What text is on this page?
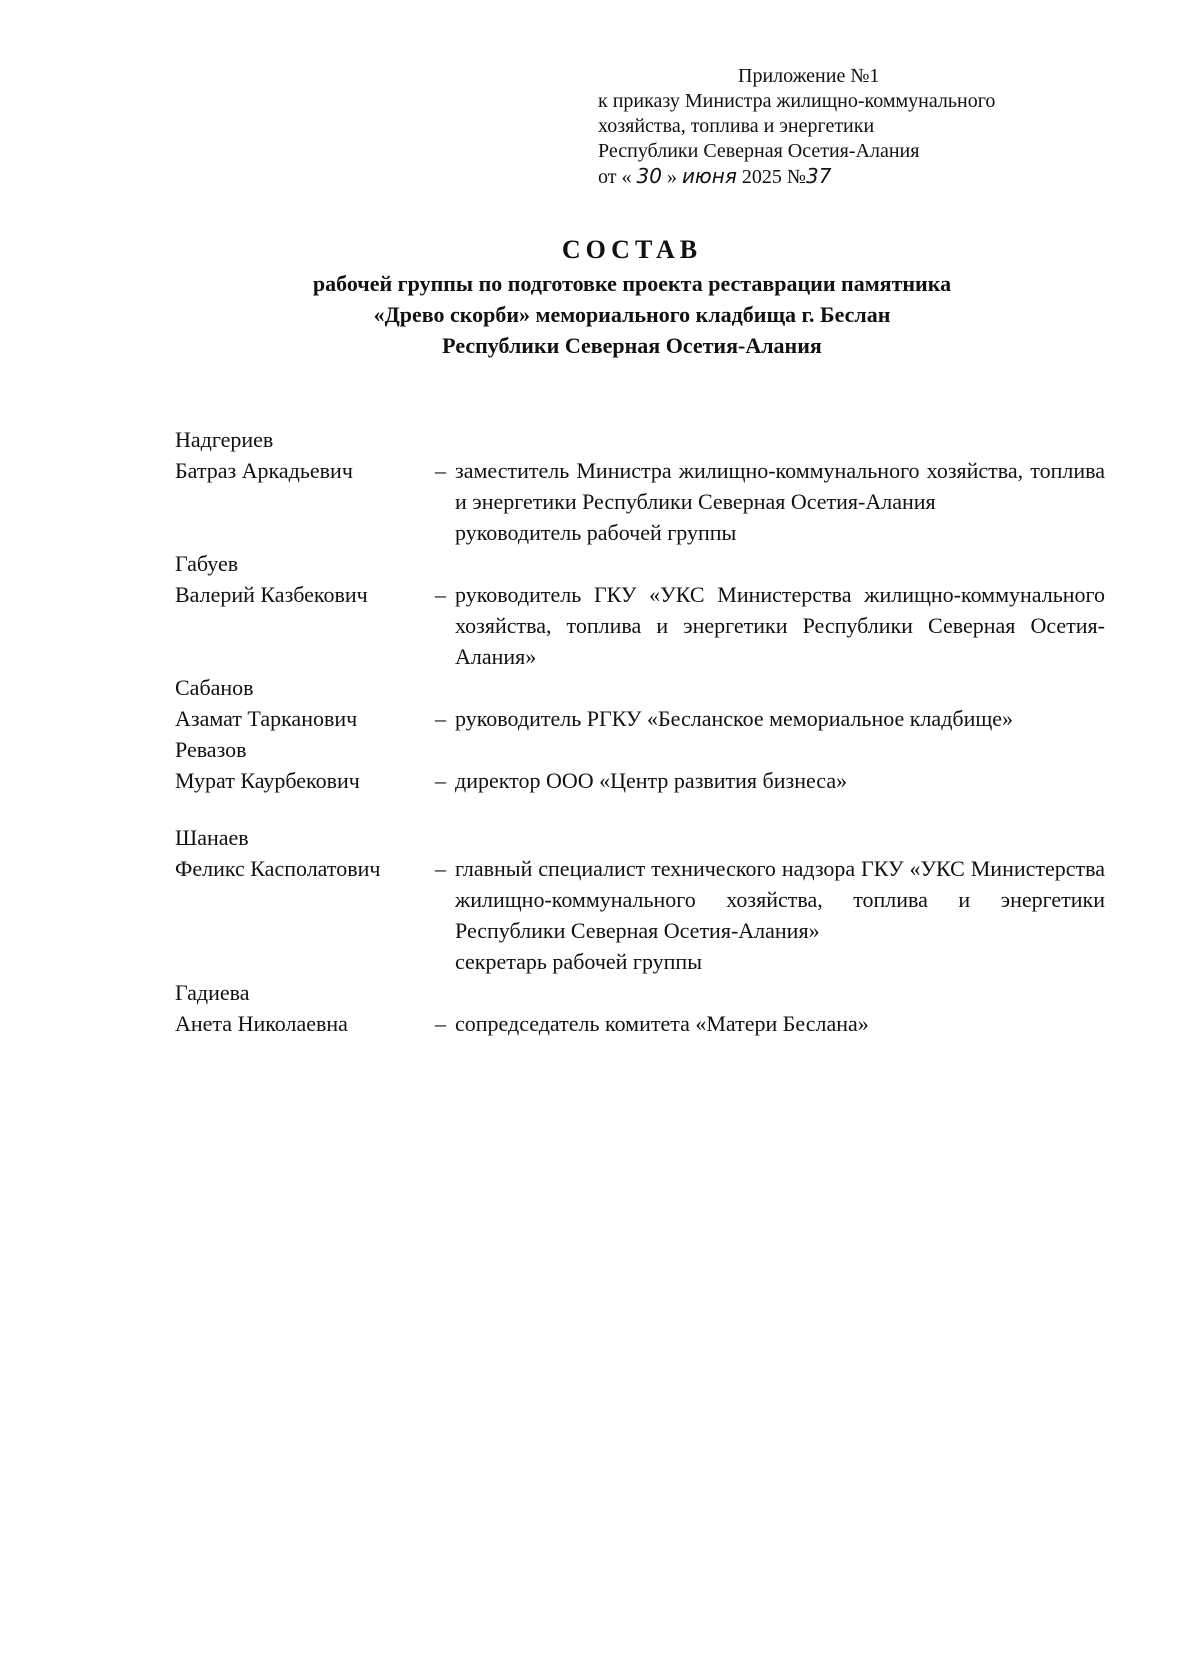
Приложение №1
к приказу Министра жилищно-коммунального
хозяйства, топлива и энергетики
Республики Северная Осетия-Алания
от « 30 » июня 2025 №37
СОСТАВ
рабочей группы по подготовке проекта реставрации памятника
«Древо скорби» мемориального кладбища г. Беслан
Республики Северная Осетия-Алания
Надгериев
Батраз Аркадьевич	– заместитель Министра жилищно-коммунального хозяйства, топлива и энергетики Республики Северная Осетия-Алания
руководитель рабочей группы
Габуев
Валерий Казбекович	– руководитель ГКУ «УКС Министерства жилищно-коммунального хозяйства, топлива и энергетики Республики Северная Осетия-Алания»
Сабанов
Азамат Тарканович	– руководитель РГКУ «Бесланское мемориальное кладбище»
Ревазов
Мурат Каурбекович	– директор ООО «Центр развития бизнеса»
Шанаев
Феликс Касполатович	– главный специалист технического надзора ГКУ «УКС Министерства жилищно-коммунального хозяйства, топлива и энергетики Республики Северная Осетия-Алания»
секретарь рабочей группы
Гадиева
Анета Николаевна	– сопредседатель комитета «Матери Беслана»
